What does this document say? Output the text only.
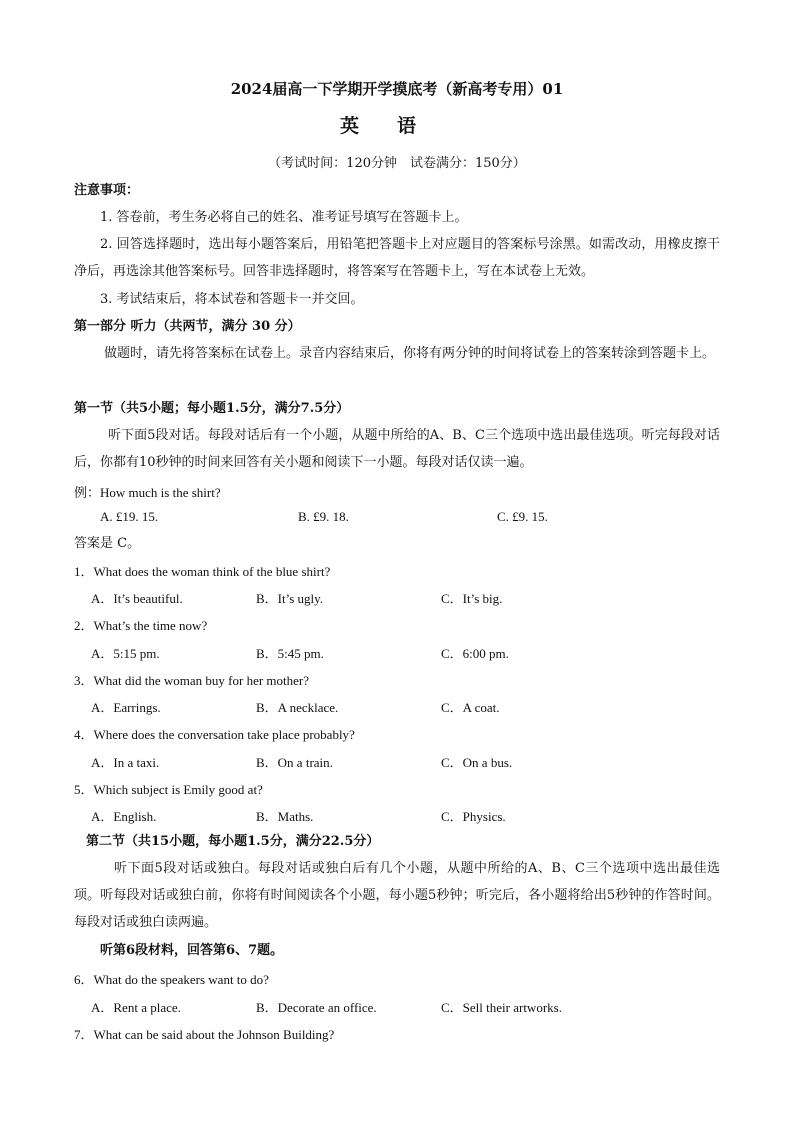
2024届高一下学期开学摸底考（新高考专用）01
英语
（考试时间：120分钟　试卷满分：150分）
注意事项：
1. 答卷前，考生务必将自己的姓名、准考证号填写在答题卡上。
2. 回答选择题时，选出每小题答案后，用铅笔把答题卡上对应题目的答案标号涂黑。如需改动，用橡皮擦干净后，再选涂其他答案标号。回答非选择题时，将答案写在答题卡上，写在本试卷上无效。
3. 考试结束后，将本试卷和答题卡一并交回。
第一部分 听力（共两节，满分 30 分）
做题时，请先将答案标在试卷上。录音内容结束后，你将有两分钟的时间将试卷上的答案转涂到答题卡上。
第一节（共5小题；每小题1.5分，满分7.5分）
听下面5段对话。每段对话后有一个小题，从题中所给的A、B、C三个选项中选出最佳选项。听完每段对话后，你都有10秒钟的时间来回答有关小题和阅读下一小题。每段对话仅读一遍。
例：How much is the shirt?
A. £19. 15.	B. £9. 18.	C. £9. 15.
答案是 C。
1．What does the woman think of the blue shirt?
A．It’s beautiful.	B．It’s ugly.	C．It’s big.
2．What’s the time now?
A．5:15 pm.	B．5:45 pm.	C．6:00 pm.
3．What did the woman buy for her mother?
A．Earrings.	B．A necklace.	C．A coat.
4．Where does the conversation take place probably?
A．In a taxi.	B．On a train.	C．On a bus.
5．Which subject is Emily good at?
A．English.	B．Maths.	C．Physics.
第二节（共15小题，每小题1.5分，满分22.5分）
听下面5段对话或独白。每段对话或独白后有几个小题，从题中所给的A、B、C三个选项中选出最佳选项。听每段对话或独白前，你将有时间阅读各个小题，每小题5秒钟；听完后，各小题将给出5秒钟的作答时间。每段对话或独白读两遍。
听第6段材料，回答第6、7题。
6．What do the speakers want to do?
A．Rent a place.	B．Decorate an office.	C．Sell their artworks.
7．What can be said about the Johnson Building?
